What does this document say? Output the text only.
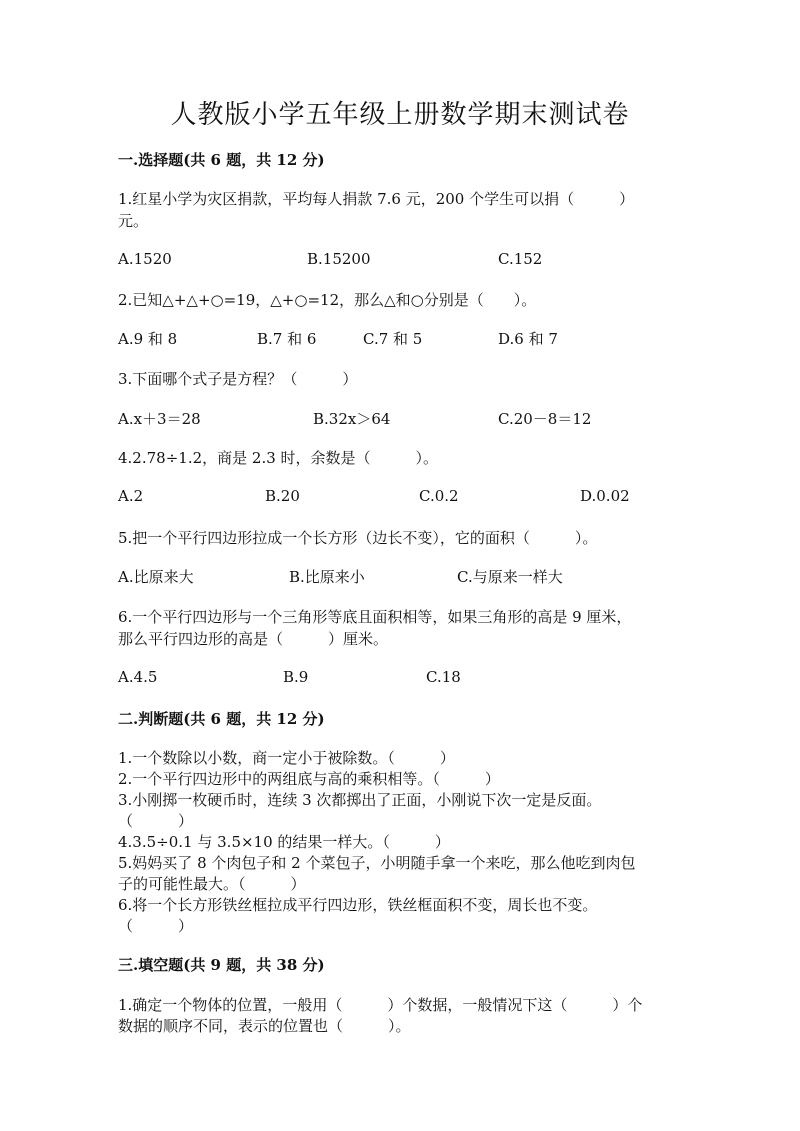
人教版小学五年级上册数学期末测试卷
一.选择题(共 6 题，共 12 分)
1.红星小学为灾区捐款，平均每人捐款 7.6 元，200 个学生可以捐（　　　）
元。
A.1520	B.15200	C.152
2.已知△+△+○=19，△+○=12，那么△和○分别是（　　）。
A.9 和 8	B.7 和 6	C.7 和 5	D.6 和 7
3.下面哪个式子是方程？（　　　）
A.x＋3＝28	B.32x＞64	C.20－8＝12
4.2.78÷1.2，商是 2.3 时，余数是（　　　）。
A.2	B.20	C.0.2	D.0.02
5.把一个平行四边形拉成一个长方形（边长不变），它的面积（　　　）。
A.比原来大	B.比原来小	C.与原来一样大
6.一个平行四边形与一个三角形等底且面积相等，如果三角形的高是 9 厘米，
那么平行四边形的高是（　　　）厘米。
A.4.5	B.9	C.18
二.判断题(共 6 题，共 12 分)
1.一个数除以小数，商一定小于被除数。（　　　）
2.一个平行四边形中的两组底与高的乘积相等。（　　　）
3.小刚掷一枚硬币时，连续 3 次都掷出了正面，小刚说下次一定是反面。
（　　　）
4.3.5÷0.1 与 3.5×10 的结果一样大。（　　　）
5.妈妈买了 8 个肉包子和 2 个菜包子，小明随手拿一个来吃，那么他吃到肉包
子的可能性最大。（　　　）
6.将一个长方形铁丝框拉成平行四边形，铁丝框面积不变，周长也不变。
（　　　）
三.填空题(共 9 题，共 38 分)
1.确定一个物体的位置，一般用（　　　）个数据，一般情况下这（　　　）个
数据的顺序不同，表示的位置也（　　　）。
